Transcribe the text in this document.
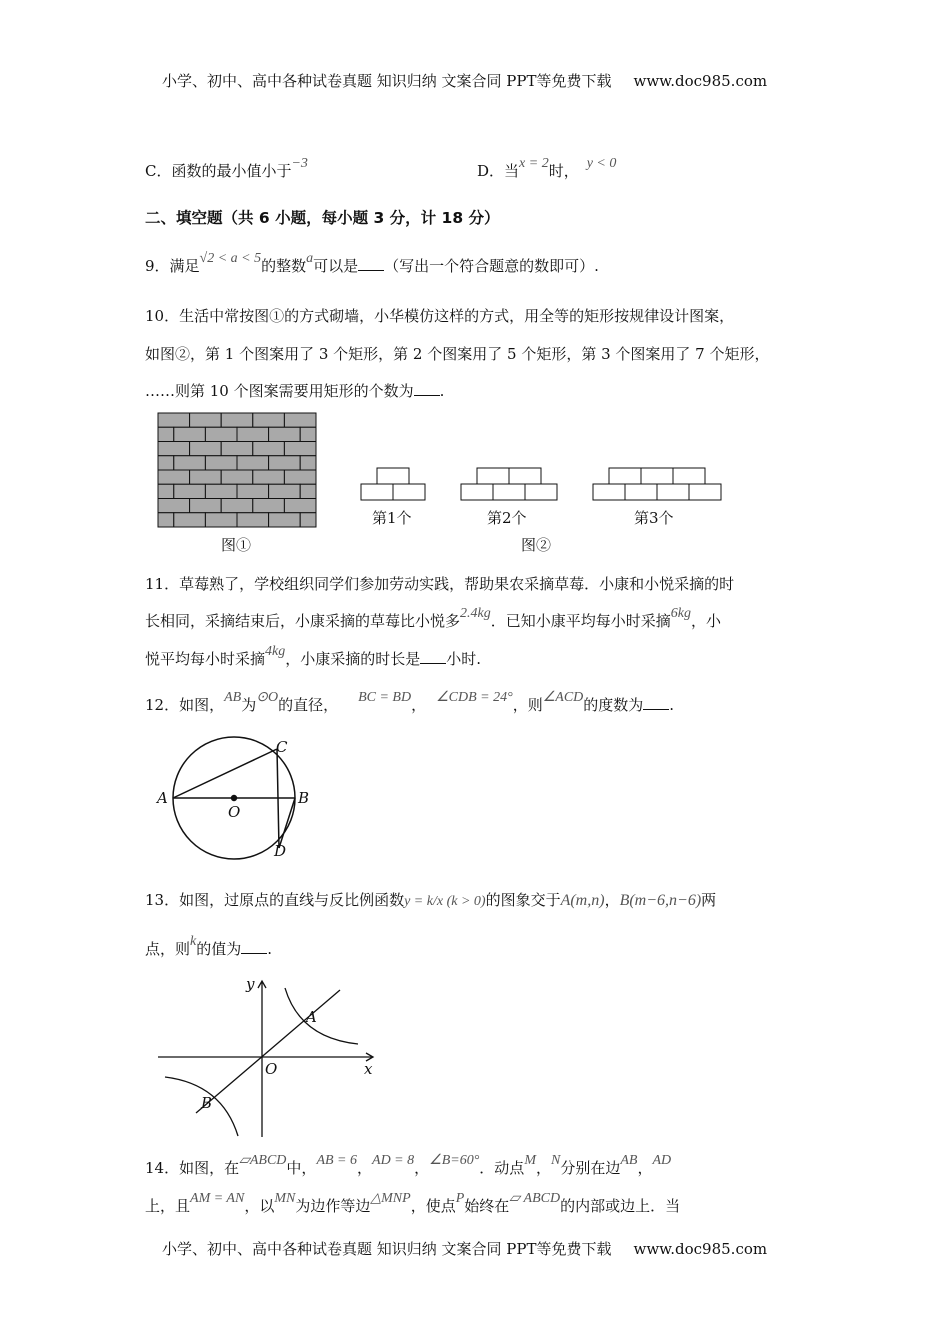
小学、初中、高中各种试卷真题 知识归纳 文案合同 PPT等免费下载 www.doc985.com
C．函数的最小值小于−3	D．当x = 2时， y < 0
二、填空题（共 6 小题，每小题 3 分，计 18 分）
9．满足√2 < a < 5的整数a可以是 （写出一个符合题意的数即可）.
10．生活中常按图①的方式砌墙，小华模仿这样的方式，用全等的矩形按规律设计图案，
如图②，第 1 个图案用了 3 个矩形，第 2 个图案用了 5 个矩形，第 3 个图案用了 7 个矩形，
……则第 10 个图案需要用矩形的个数为 .
图①	图②
第1个	第2个	第3个
11．草莓熟了，学校组织同学们参加劳动实践，帮助果农采摘草莓．小康和小悦采摘的时
长相同，采摘结束后，小康采摘的草莓比小悦多2.4kg．已知小康平均每小时采摘6kg，小
悦平均每小时采摘4kg，小康采摘的时长是 小时.
12．如图，AB为⊙O的直径， BC = BD， ∠CDB = 24°，则∠ACD的度数为 .
A	B
C
D
O
13．如图，过原点的直线与反比例函数y = k/x (k > 0)的图象交于A(m,n)，B(m−6,n−6)两
点，则k的值为 .
y
x
O
A
B
14．如图，在▱ABCD中，AB = 6，AD = 8，∠B=60°．动点M，N分别在边AB，AD
上，且AM = AN，以MN为边作等边△MNP，使点P始终在▱ ABCD的内部或边上．当
小学、初中、高中各种试卷真题 知识归纳 文案合同 PPT等免费下载 www.doc985.com
